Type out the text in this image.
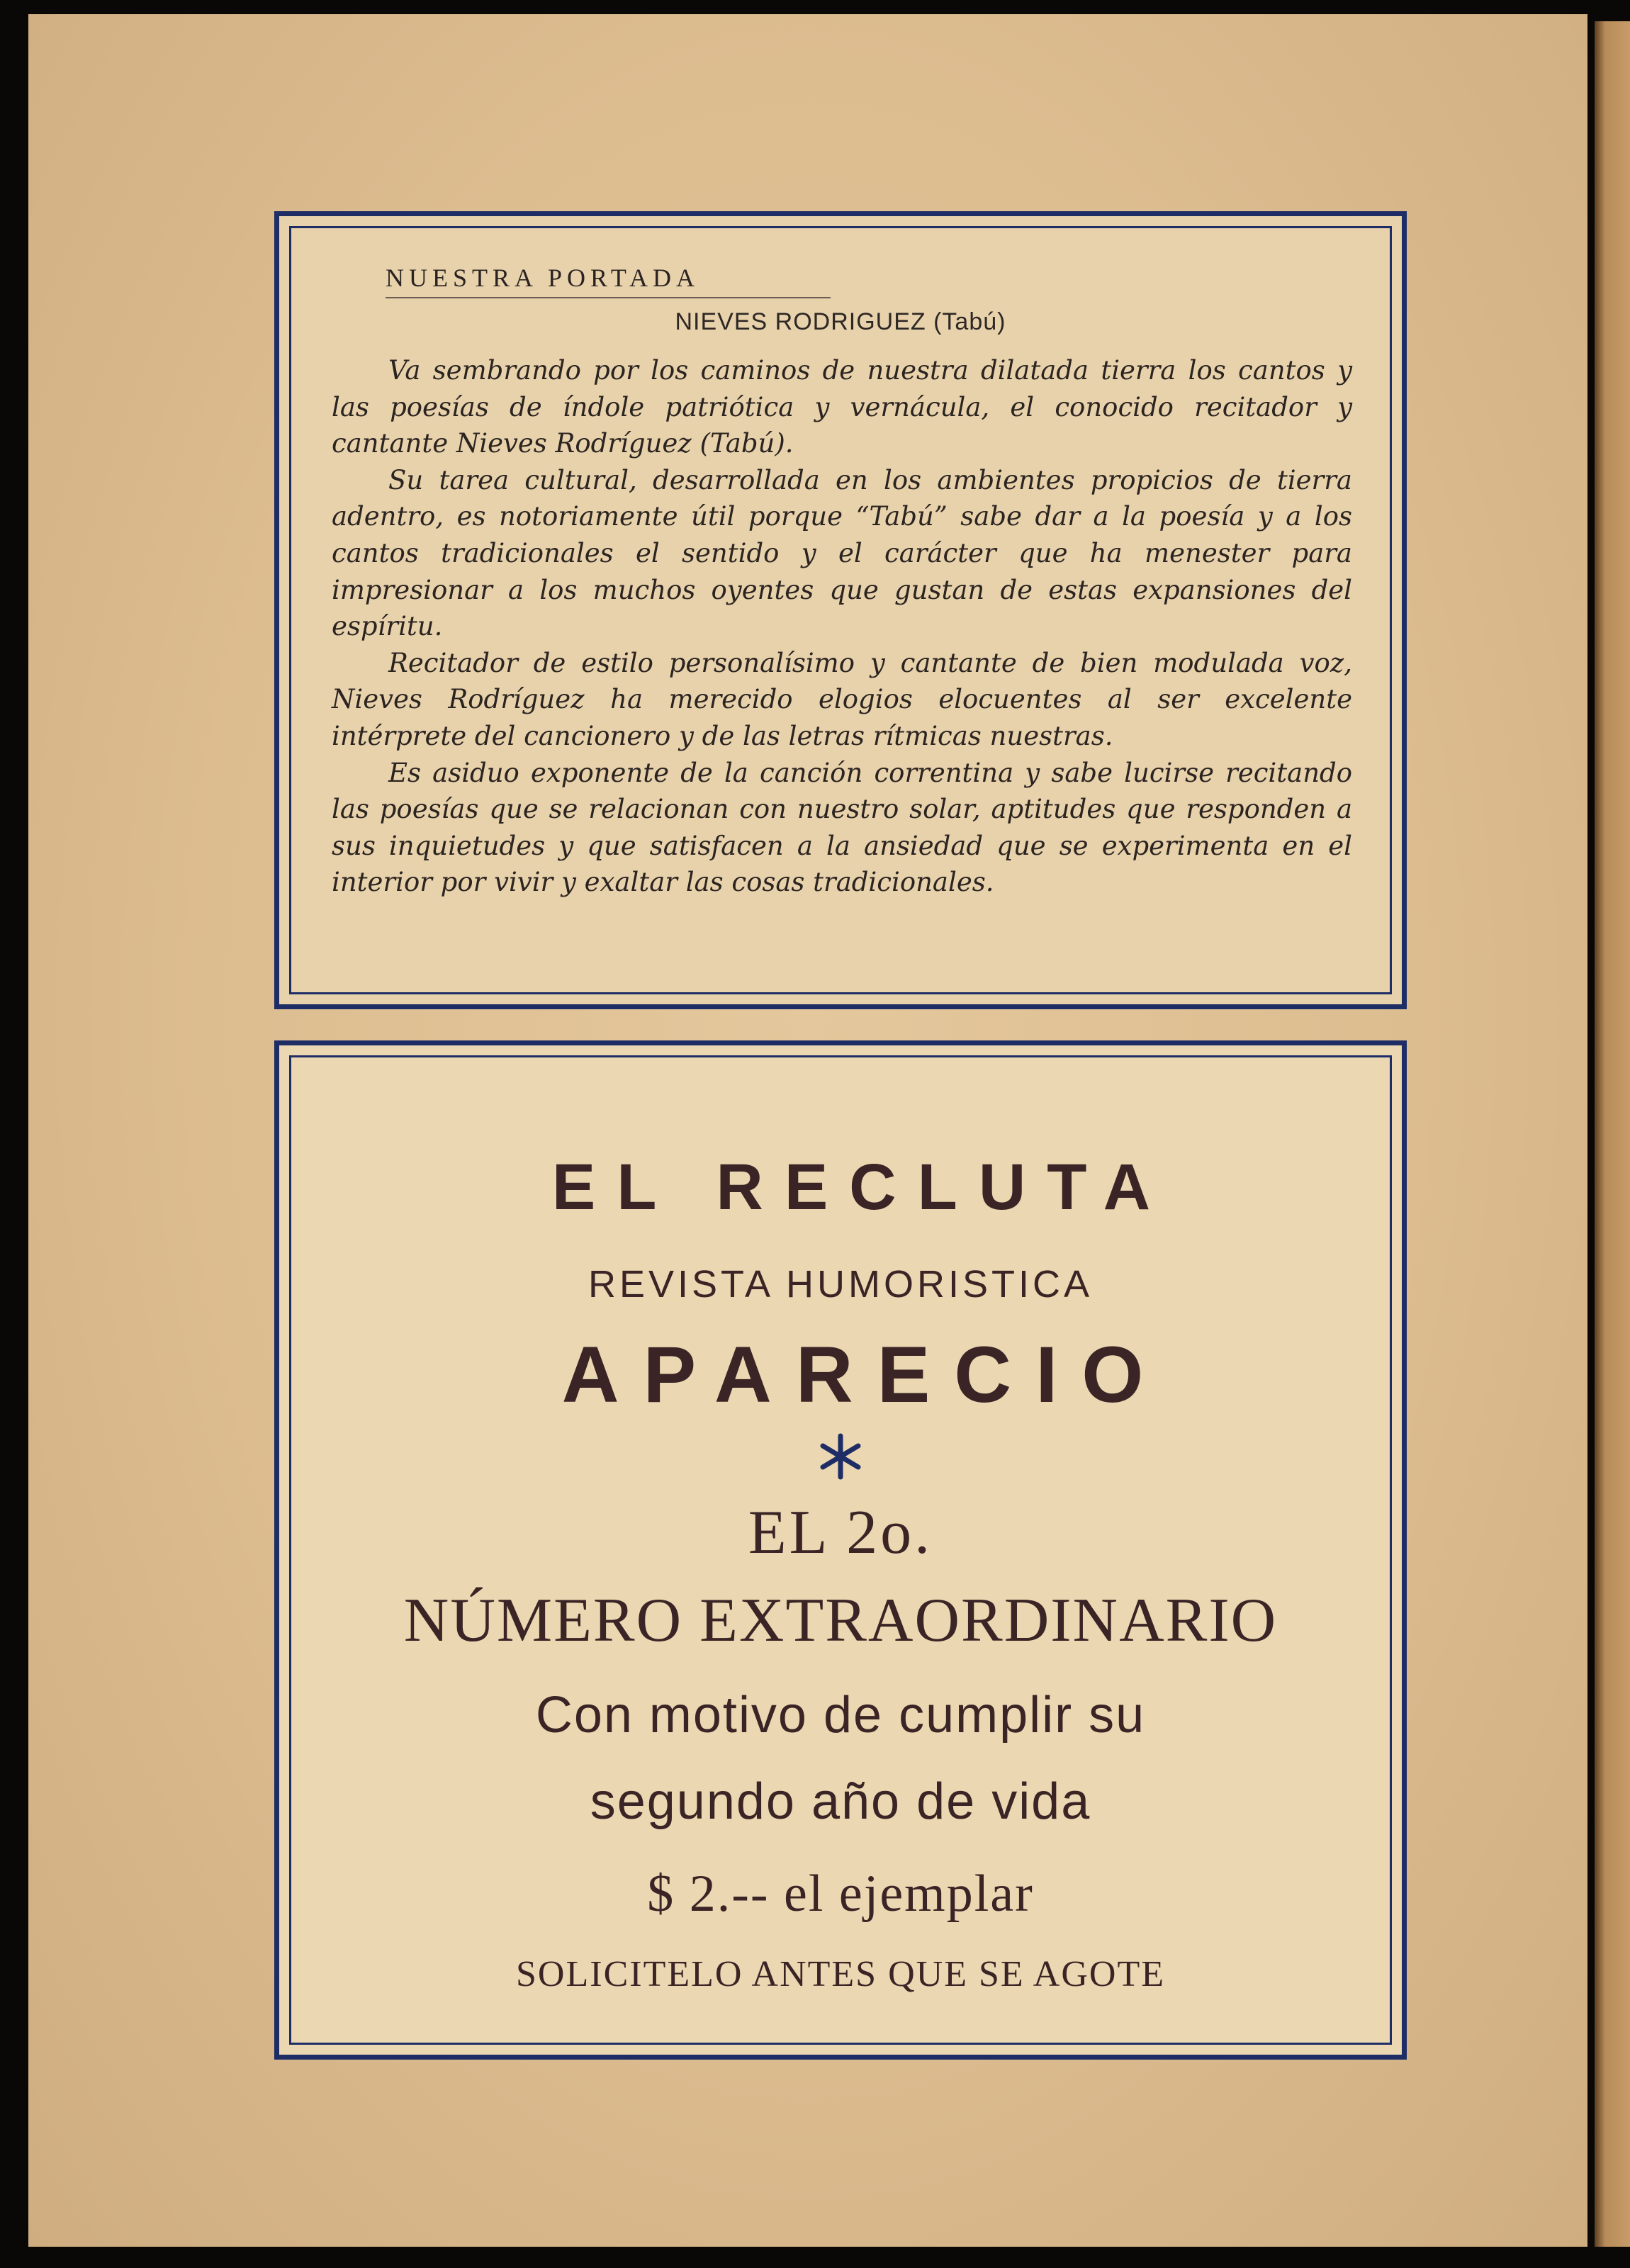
NUESTRA PORTADA
NIEVES RODRIGUEZ (Tabú)

Va sembrando por los caminos de nuestra dilatada tierra los cantos y las poesías de índole patriótica y vernácula, el conocido recitador y cantante Nieves Rodríguez (Tabú).

Su tarea cultural, desarrollada en los ambientes propicios de tierra adentro, es notoriamente útil porque “Tabú” sabe dar a la poesía y a los cantos tradicionales el sentido y el carácter que ha menester para impresionar a los muchos oyentes que gustan de estas expansiones del espíritu.

Recitador de estilo personalísimo y cantante de bien modulada voz, Nieves Rodríguez ha merecido elogios elocuentes al ser excelente intérprete del cancionero y de las letras rítmicas nuestras.

Es asiduo exponente de la canción correntina y sabe lucirse recitando las poesías que se relacionan con nuestro solar, aptitudes que responden a sus inquietudes y que satisfacen a la ansiedad que se experimenta en el interior por vivir y exaltar las cosas tradicionales.

EL RECLUTA
REVISTA HUMORISTICA
APARECIO
EL 2o.
NÚMERO EXTRAORDINARIO
Con motivo de cumplir su
segundo año de vida
$ 2.-- el ejemplar
SOLICITELO ANTES QUE SE AGOTE
